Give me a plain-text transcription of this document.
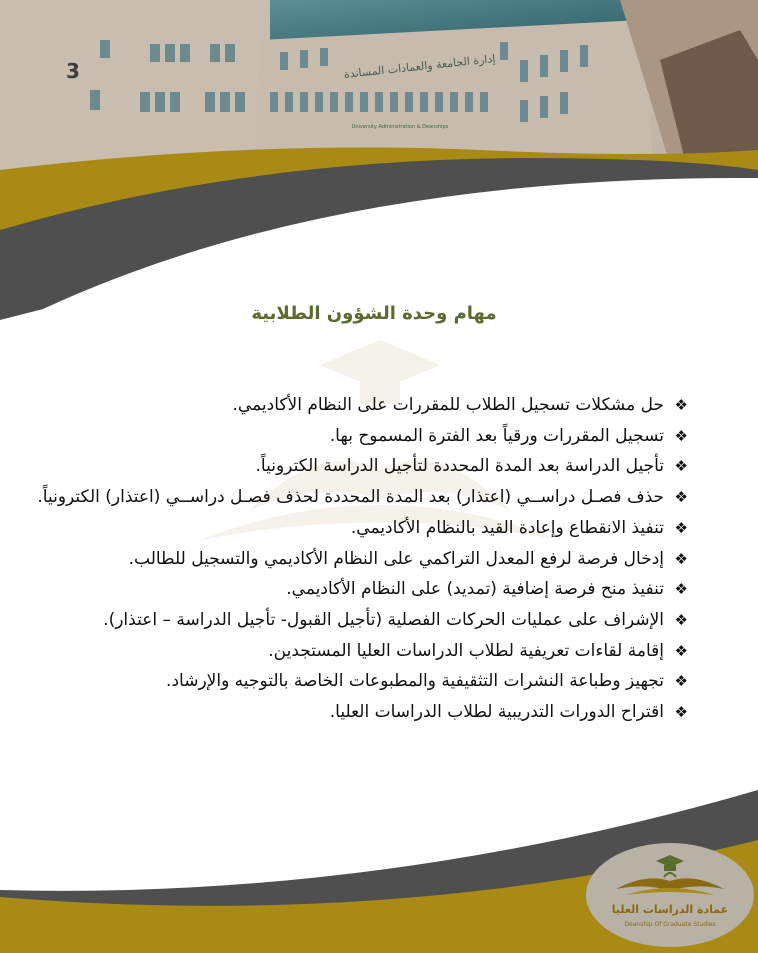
3	إدارة الجامعة والعمادات المساندة
University Administration & Deanships
مهام وحدة الشؤون الطلابية
❖
حل مشكلات تسجيل الطلاب للمقررات على النظام الأكاديمي.
❖
تسجيل المقررات ورقياً بعد الفترة المسموح بها.
❖
تأجيل الدراسة بعد المدة المحددة لتأجيل الدراسة الكترونياً.
❖
حذف فصـل دراســي (اعتذار) بعد المدة المحددة لحذف فصـل دراســي (اعتذار) الكترونياً.
❖
تنفيذ الانقطاع وإعادة القيد بالنظام الأكاديمي.
❖
إدخال فرصة لرفع المعدل التراكمي على النظام الأكاديمي والتسجيل للطالب.
❖
تنفيذ منح فرصة إضافية (تمديد) على النظام الأكاديمي.
❖
الإشراف على عمليات الحركات الفصلية (تأجيل القبول- تأجيل الدراسة – اعتذار).
❖
إقامة لقاءات تعريفية لطلاب الدراسات العليا المستجدين.
❖
تجهيز وطباعة النشرات التثقيفية والمطبوعات الخاصة بالتوجيه والإرشاد.
❖
اقتراح الدورات التدريبية لطلاب الدراسات العليا.
عمادة الدراسات العليا
Deanship Of Graduate Studies
